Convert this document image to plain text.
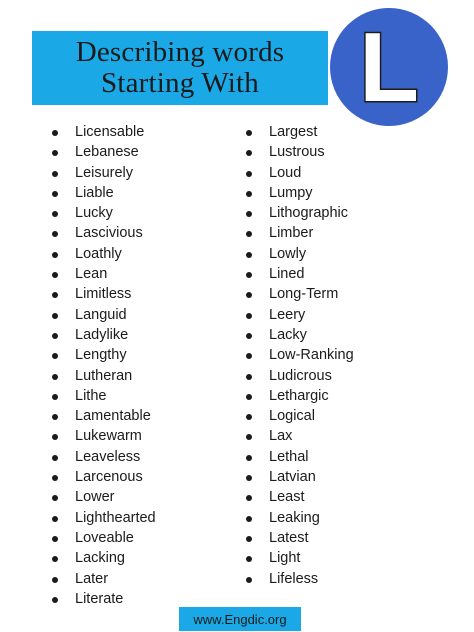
Describing words
Starting With L
Licensable
Lebanese
Leisurely
Liable
Lucky
Lascivious
Loathly
Lean
Limitless
Languid
Ladylike
Lengthy
Lutheran
Lithe
Lamentable
Lukewarm
Leaveless
Larcenous
Lower
Lighthearted
Loveable
Lacking
Later
Literate
Largest
Lustrous
Loud
Lumpy
Lithographic
Limber
Lowly
Lined
Long-Term
Leery
Lacky
Low-Ranking
Ludicrous
Lethargic
Logical
Lax
Lethal
Latvian
Least
Leaking
Latest
Light
Lifeless
www.Engdic.org
